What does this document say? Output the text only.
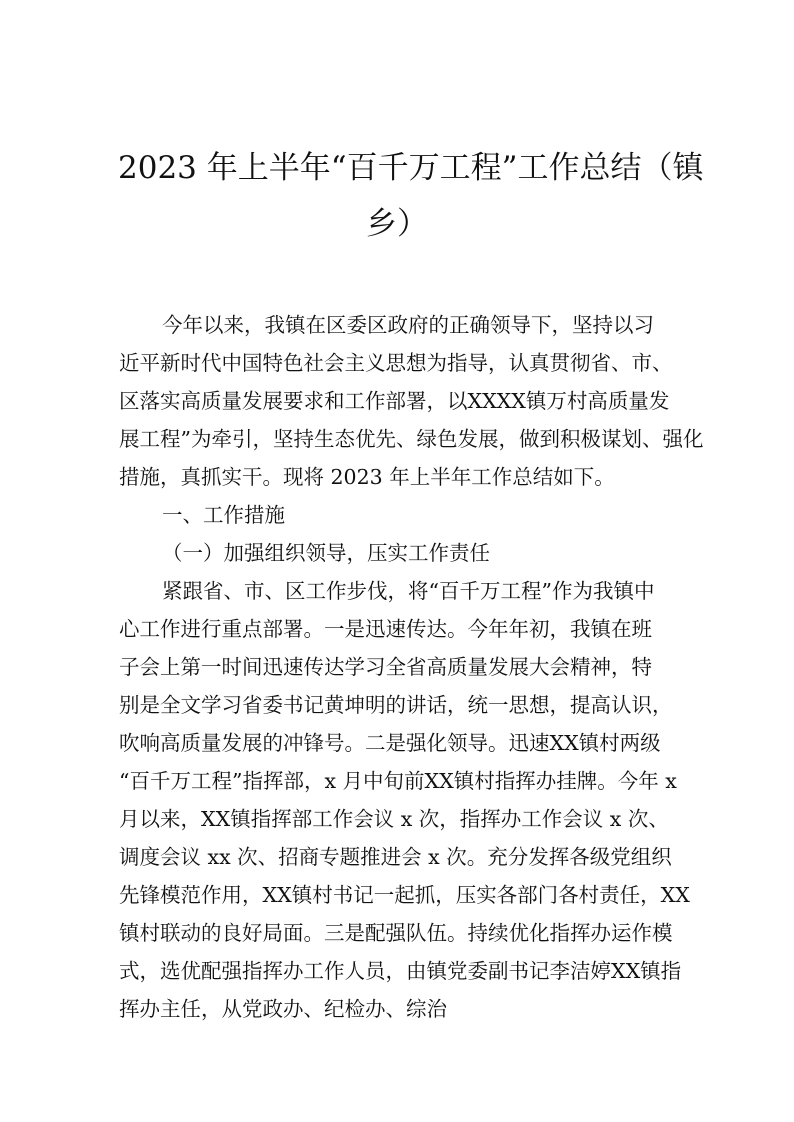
2023 年上半年“百千万工程”工作总结（镇
乡）
今年以来，我镇在区委区政府的正确领导下，坚持以习
近平新时代中国特色社会主义思想为指导，认真贯彻省、市、
区落实高质量发展要求和工作部署，以XXXX镇万村高质量发
展工程”为牵引，坚持生态优先、绿色发展，做到积极谋划、强化
措施，真抓实干。现将 2023 年上半年工作总结如下。
一、工作措施
（一）加强组织领导，压实工作责任
紧跟省、市、区工作步伐，将“百千万工程”作为我镇中
心工作进行重点部署。一是迅速传达。今年年初，我镇在班
子会上第一时间迅速传达学习全省高质量发展大会精神，特
别是全文学习省委书记黄坤明的讲话，统一思想，提高认识，
吹响高质量发展的冲锋号。二是强化领导。迅速XX镇村两级
“百千万工程”指挥部，x 月中旬前XX镇村指挥办挂牌。今年 x
月以来，XX镇指挥部工作会议 x 次，指挥办工作会议 x 次、
调度会议 xx 次、招商专题推进会 x 次。充分发挥各级党组织
先锋模范作用，XX镇村书记一起抓，压实各部门各村责任，XX
镇村联动的良好局面。三是配强队伍。持续优化指挥办运作模
式，选优配强指挥办工作人员，由镇党委副书记李洁婷XX镇指
挥办主任，从党政办、纪检办、综治
